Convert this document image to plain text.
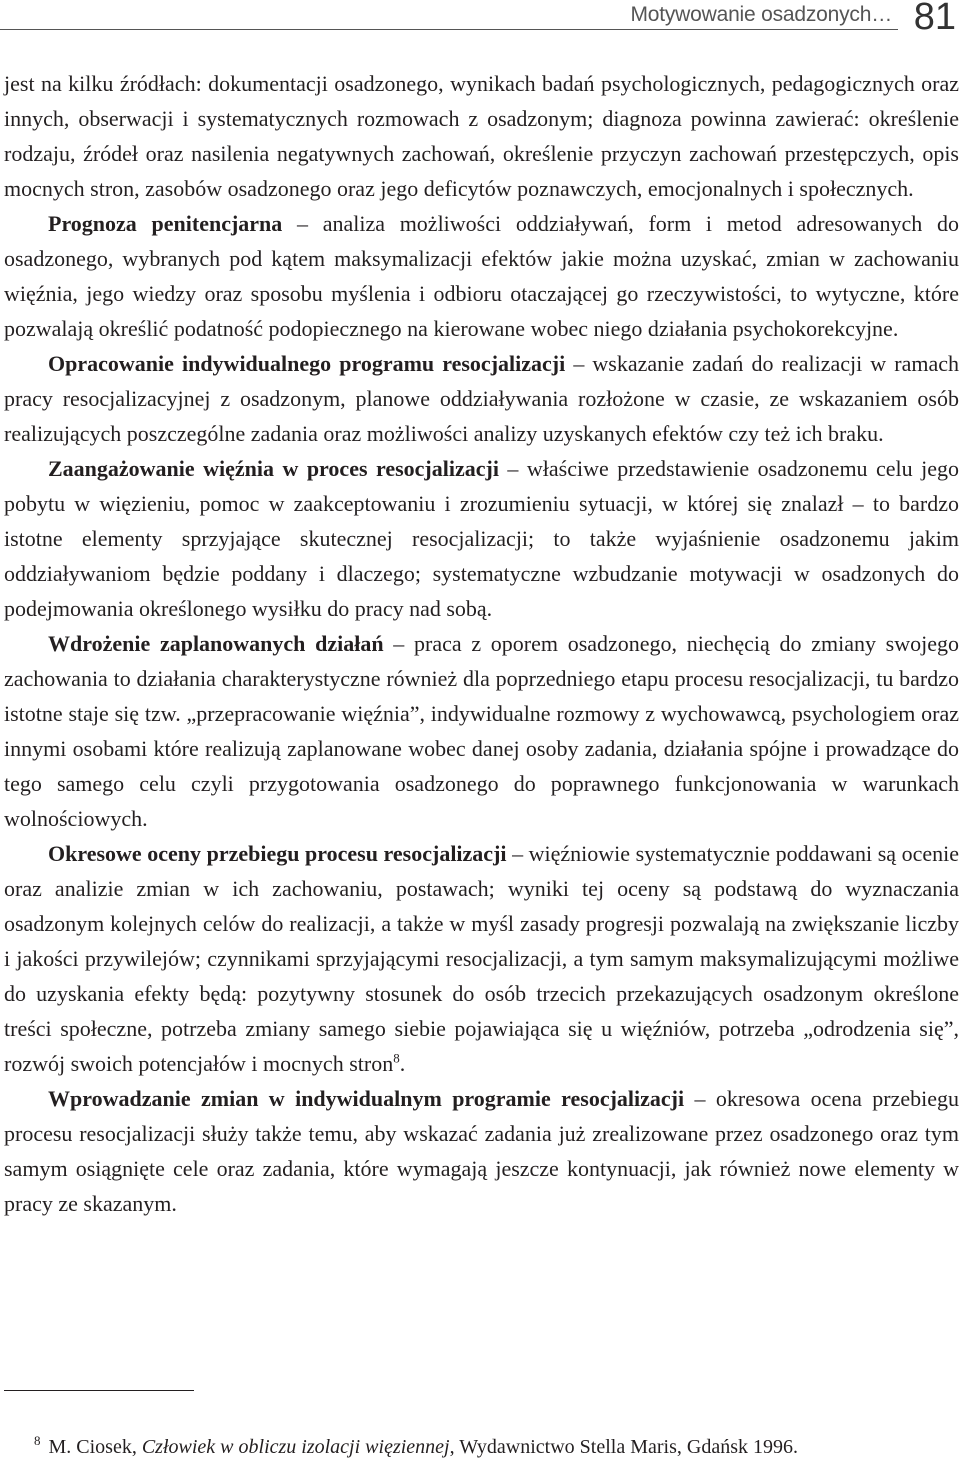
Motywowanie osadzonych… 81

jest na kilku źródłach: dokumentacji osadzonego, wynikach badań psychologicznych, pedagogicznych oraz innych, obserwacji i systematycznych rozmowach z osadzonym; diagnoza powinna zawierać: określenie rodzaju, źródeł oraz nasilenia negatywnych zachowań, określenie przyczyn zachowań przestępczych, opis mocnych stron, zasobów osadzonego oraz jego deficytów poznawczych, emocjonalnych i społecznych.

Prognoza penitencjarna – analiza możliwości oddziaływań, form i metod adresowanych do osadzonego, wybranych pod kątem maksymalizacji efektów jakie można uzyskać, zmian w zachowaniu więźnia, jego wiedzy oraz sposobu myślenia i odbioru otaczającej go rzeczywistości, to wytyczne, które pozwalają określić podatność podopiecznego na kierowane wobec niego działania psychokorekcyjne.

Opracowanie indywidualnego programu resocjalizacji – wskazanie zadań do realizacji w ramach pracy resocjalizacyjnej z osadzonym, planowe oddziaływania rozłożone w czasie, ze wskazaniem osób realizujących poszczególne zadania oraz możliwości analizy uzyskanych efektów czy też ich braku.

Zaangażowanie więźnia w proces resocjalizacji – właściwe przedstawienie osadzonemu celu jego pobytu w więzieniu, pomoc w zaakceptowaniu i zrozumieniu sytuacji, w której się znalazł – to bardzo istotne elementy sprzyjające skutecznej resocjalizacji; to także wyjaśnienie osadzonemu jakim oddziaływaniom będzie poddany i dlaczego; systematyczne wzbudzanie motywacji w osadzonych do podejmowania określonego wysiłku do pracy nad sobą.

Wdrożenie zaplanowanych działań – praca z oporem osadzonego, niechęcią do zmiany swojego zachowania to działania charakterystyczne również dla poprzedniego etapu procesu resocjalizacji, tu bardzo istotne staje się tzw. „przepracowanie więźnia”, indywidualne rozmowy z wychowawcą, psychologiem oraz innymi osobami które realizują zaplanowane wobec danej osoby zadania, działania spójne i prowadzące do tego samego celu czyli przygotowania osadzonego do poprawnego funkcjonowania w warunkach wolnościowych.

Okresowe oceny przebiegu procesu resocjalizacji – więźniowie systematycznie poddawani są ocenie oraz analizie zmian w ich zachowaniu, postawach; wyniki tej oceny są podstawą do wyznaczania osadzonym kolejnych celów do realizacji, a także w myśl zasady progresji pozwalają na zwiększanie liczby i jakości przywilejów; czynnikami sprzyjającymi resocjalizacji, a tym samym maksymalizującymi możliwe do uzyskania efekty będą: pozytywny stosunek do osób trzecich przekazujących osadzonym określone treści społeczne, potrzeba zmiany samego siebie pojawiająca się u więźniów, potrzeba „odrodzenia się”, rozwój swoich potencjałów i mocnych stron$^8$.

Wprowadzanie zmian w indywidualnym programie resocjalizacji – okresowa ocena przebiegu procesu resocjalizacji służy także temu, aby wskazać zadania już zrealizowane przez osadzonego oraz tym samym osiągnięte cele oraz zadania, które wymagają jeszcze kontynuacji, jak również nowe elementy w pracy ze skazanym.

$^8$ M. Ciosek, Człowiek w obliczu izolacji więziennej, Wydawnictwo Stella Maris, Gdańsk 1996.
